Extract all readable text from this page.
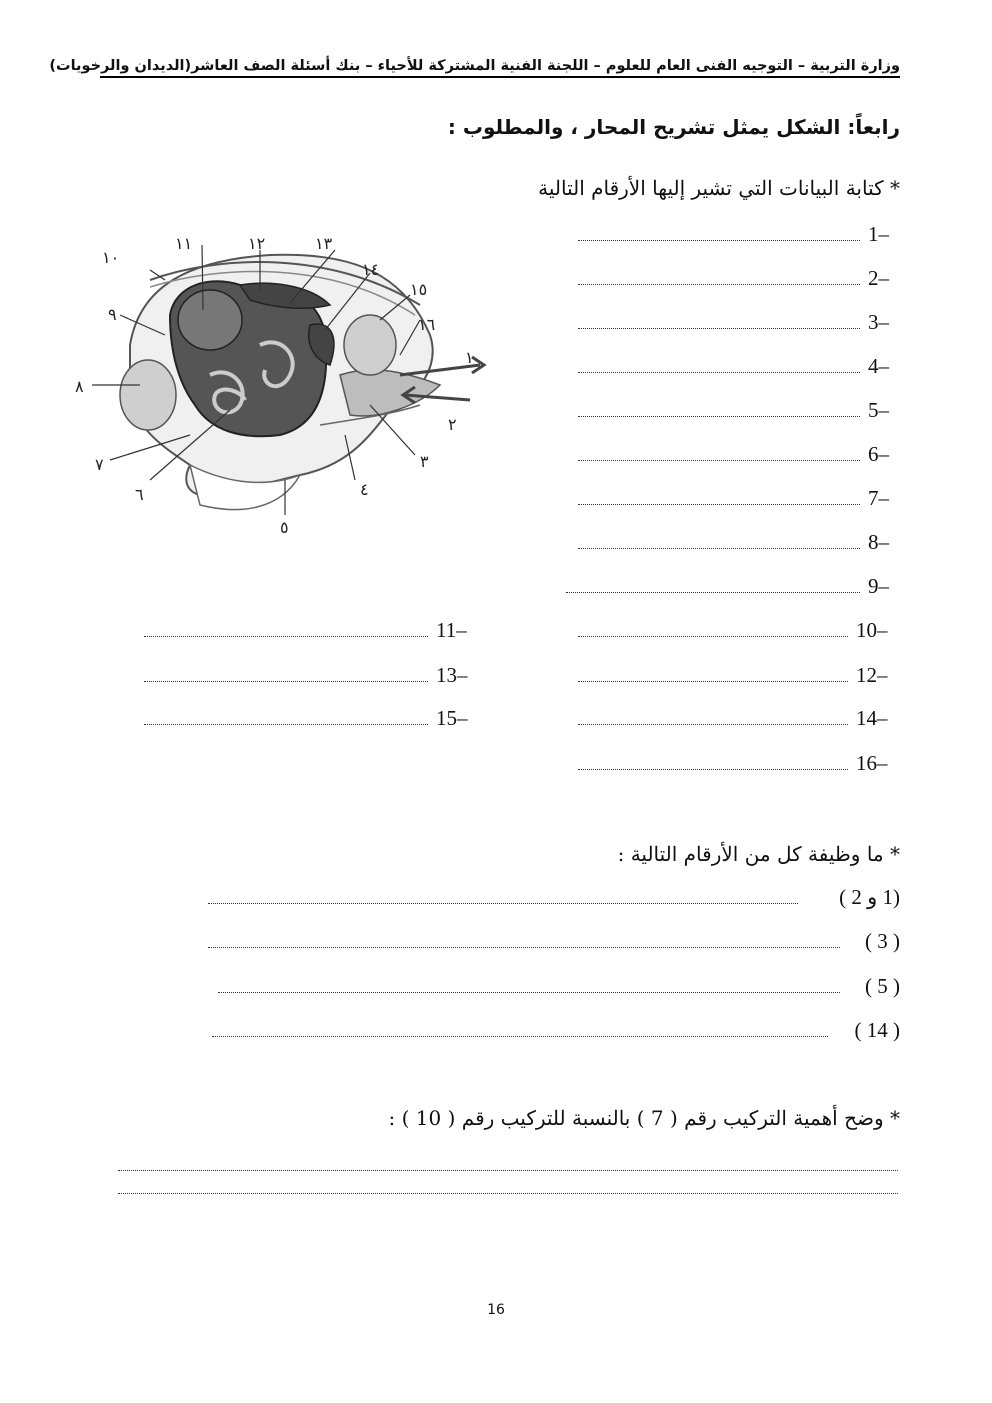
وزارة التربية – التوجيه الفنى العام للعلوم – اللجنة الفنية المشتركة للأحياء – بنك أسئلة الصف العاشر(الديدان والرخويات)
رابعاً: الشكل يمثل تشريح المحار ، والمطلوب :
* كتابة البيانات التي تشير إليها الأرقام التالية
1–
2–
3–
4–
5–
6–
7–
8–
9–
10–
11–
12–
13–
14–
15–
16–
١
٢
٣
٤
٥
٦
٧
٨
٩
١٠
١١	١٢	١٣
١٤
١٥
١٦
* ما وظيفة كل من الأرقام التالية :
(1 و 2 )
( 3 )
( 5 )
( 14 )
* وضح أهمية التركيب رقم ( 7 ) بالنسبة للتركيب رقم ( 10 ) :
16
